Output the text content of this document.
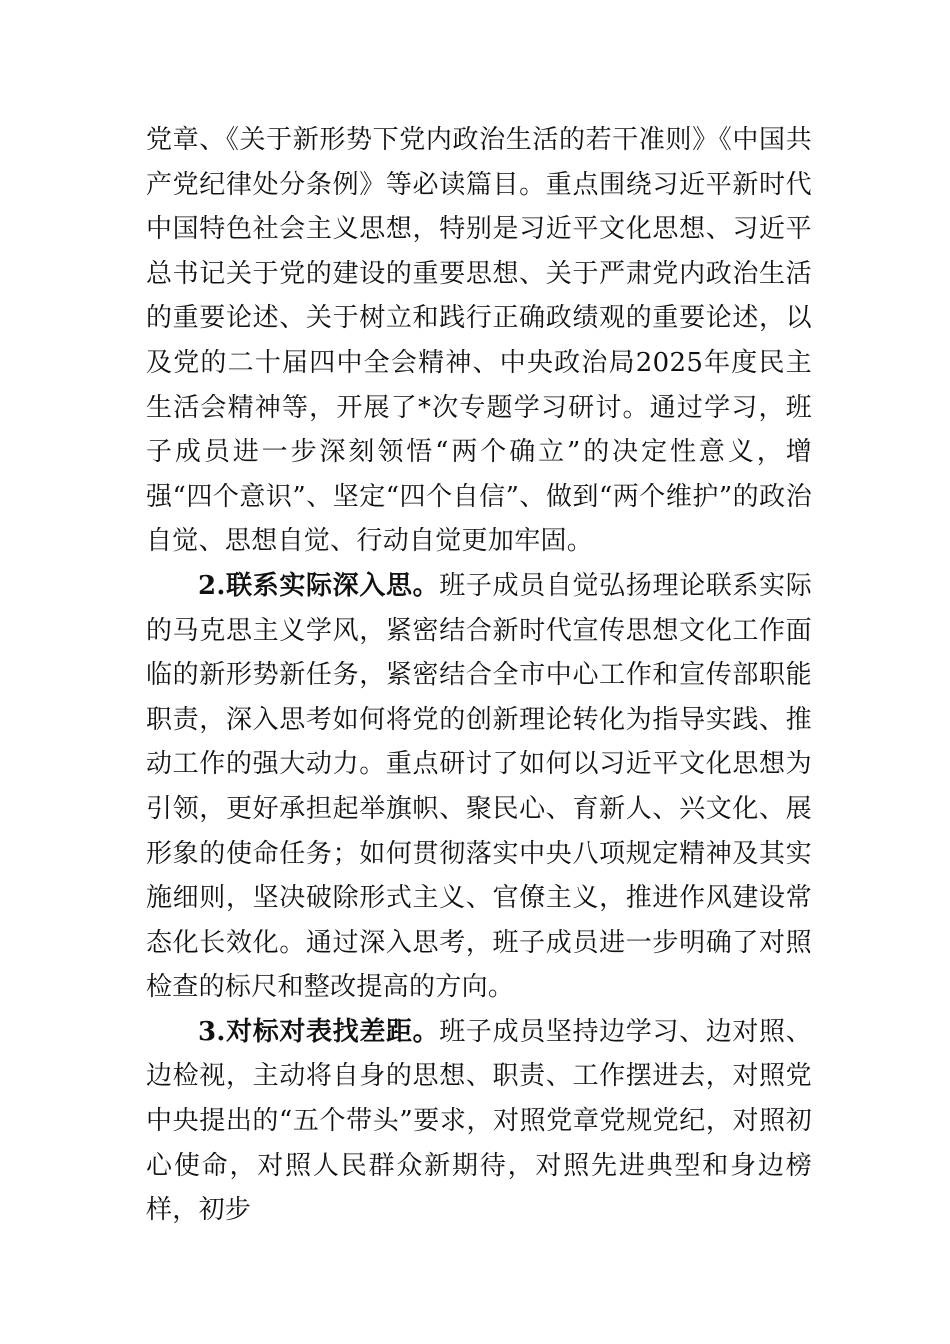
党章、《关于新形势下党内政治生活的若干准则》《中国共产党纪律处分条例》等必读篇目。重点围绕习近平新时代中国特色社会主义思想，特别是习近平文化思想、习近平总书记关于党的建设的重要思想、关于严肃党内政治生活的重要论述、关于树立和践行正确政绩观的重要论述，以及党的二十届四中全会精神、中央政治局2025年度民主生活会精神等，开展了*次专题学习研讨。通过学习，班子成员进一步深刻领悟“两个确立”的决定性意义，增强“四个意识”、坚定“四个自信”、做到“两个维护”的政治自觉、思想自觉、行动自觉更加牢固。

2.联系实际深入思。班子成员自觉弘扬理论联系实际的马克思主义学风，紧密结合新时代宣传思想文化工作面临的新形势新任务，紧密结合全市中心工作和宣传部职能职责，深入思考如何将党的创新理论转化为指导实践、推动工作的强大动力。重点研讨了如何以习近平文化思想为引领，更好承担起举旗帜、聚民心、育新人、兴文化、展形象的使命任务；如何贯彻落实中央八项规定精神及其实施细则，坚决破除形式主义、官僚主义，推进作风建设常态化长效化。通过深入思考，班子成员进一步明确了对照检查的标尺和整改提高的方向。

3.对标对表找差距。班子成员坚持边学习、边对照、边检视，主动将自身的思想、职责、工作摆进去，对照党中央提出的“五个带头”要求，对照党章党规党纪，对照初心使命，对照人民群众新期待，对照先进典型和身边榜样，初步
